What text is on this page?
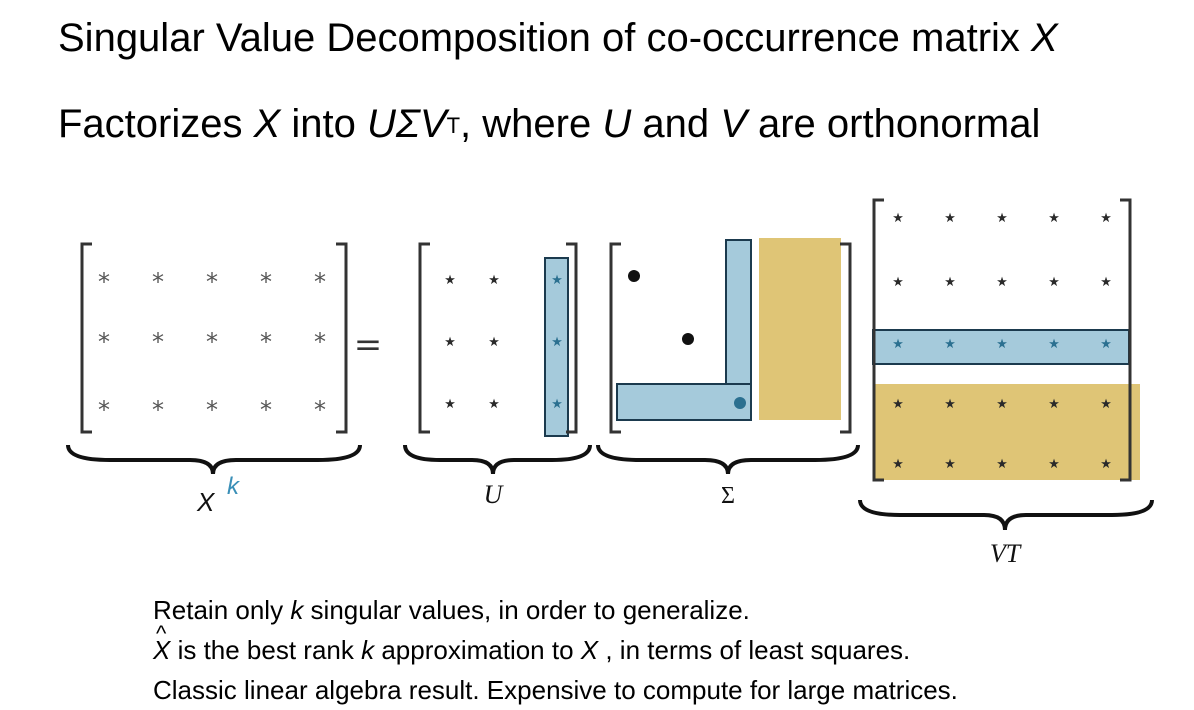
Singular Value Decomposition of co-occurrence matrix X
Factorizes X into $U\Sigma V^T$, where U and V are orthonormal
* * * * *
* * * * *
* * * * *
=
⋆ ⋆ ⋆
⋆ ⋆ ⋆
⋆ ⋆ ⋆
⋆ ⋆ ⋆ ⋆ ⋆
⋆ ⋆ ⋆ ⋆ ⋆
⋆ ⋆ ⋆ ⋆ ⋆
⋆ ⋆ ⋆ ⋆ ⋆
⋆ ⋆ ⋆ ⋆ ⋆
X
k	U	Σ
VT

Retain only k singular values, in order to generalize.

^ X is the best rank k approximation to X , in terms of least squares.

Classic linear algebra result. Expensive to compute for large matrices.
